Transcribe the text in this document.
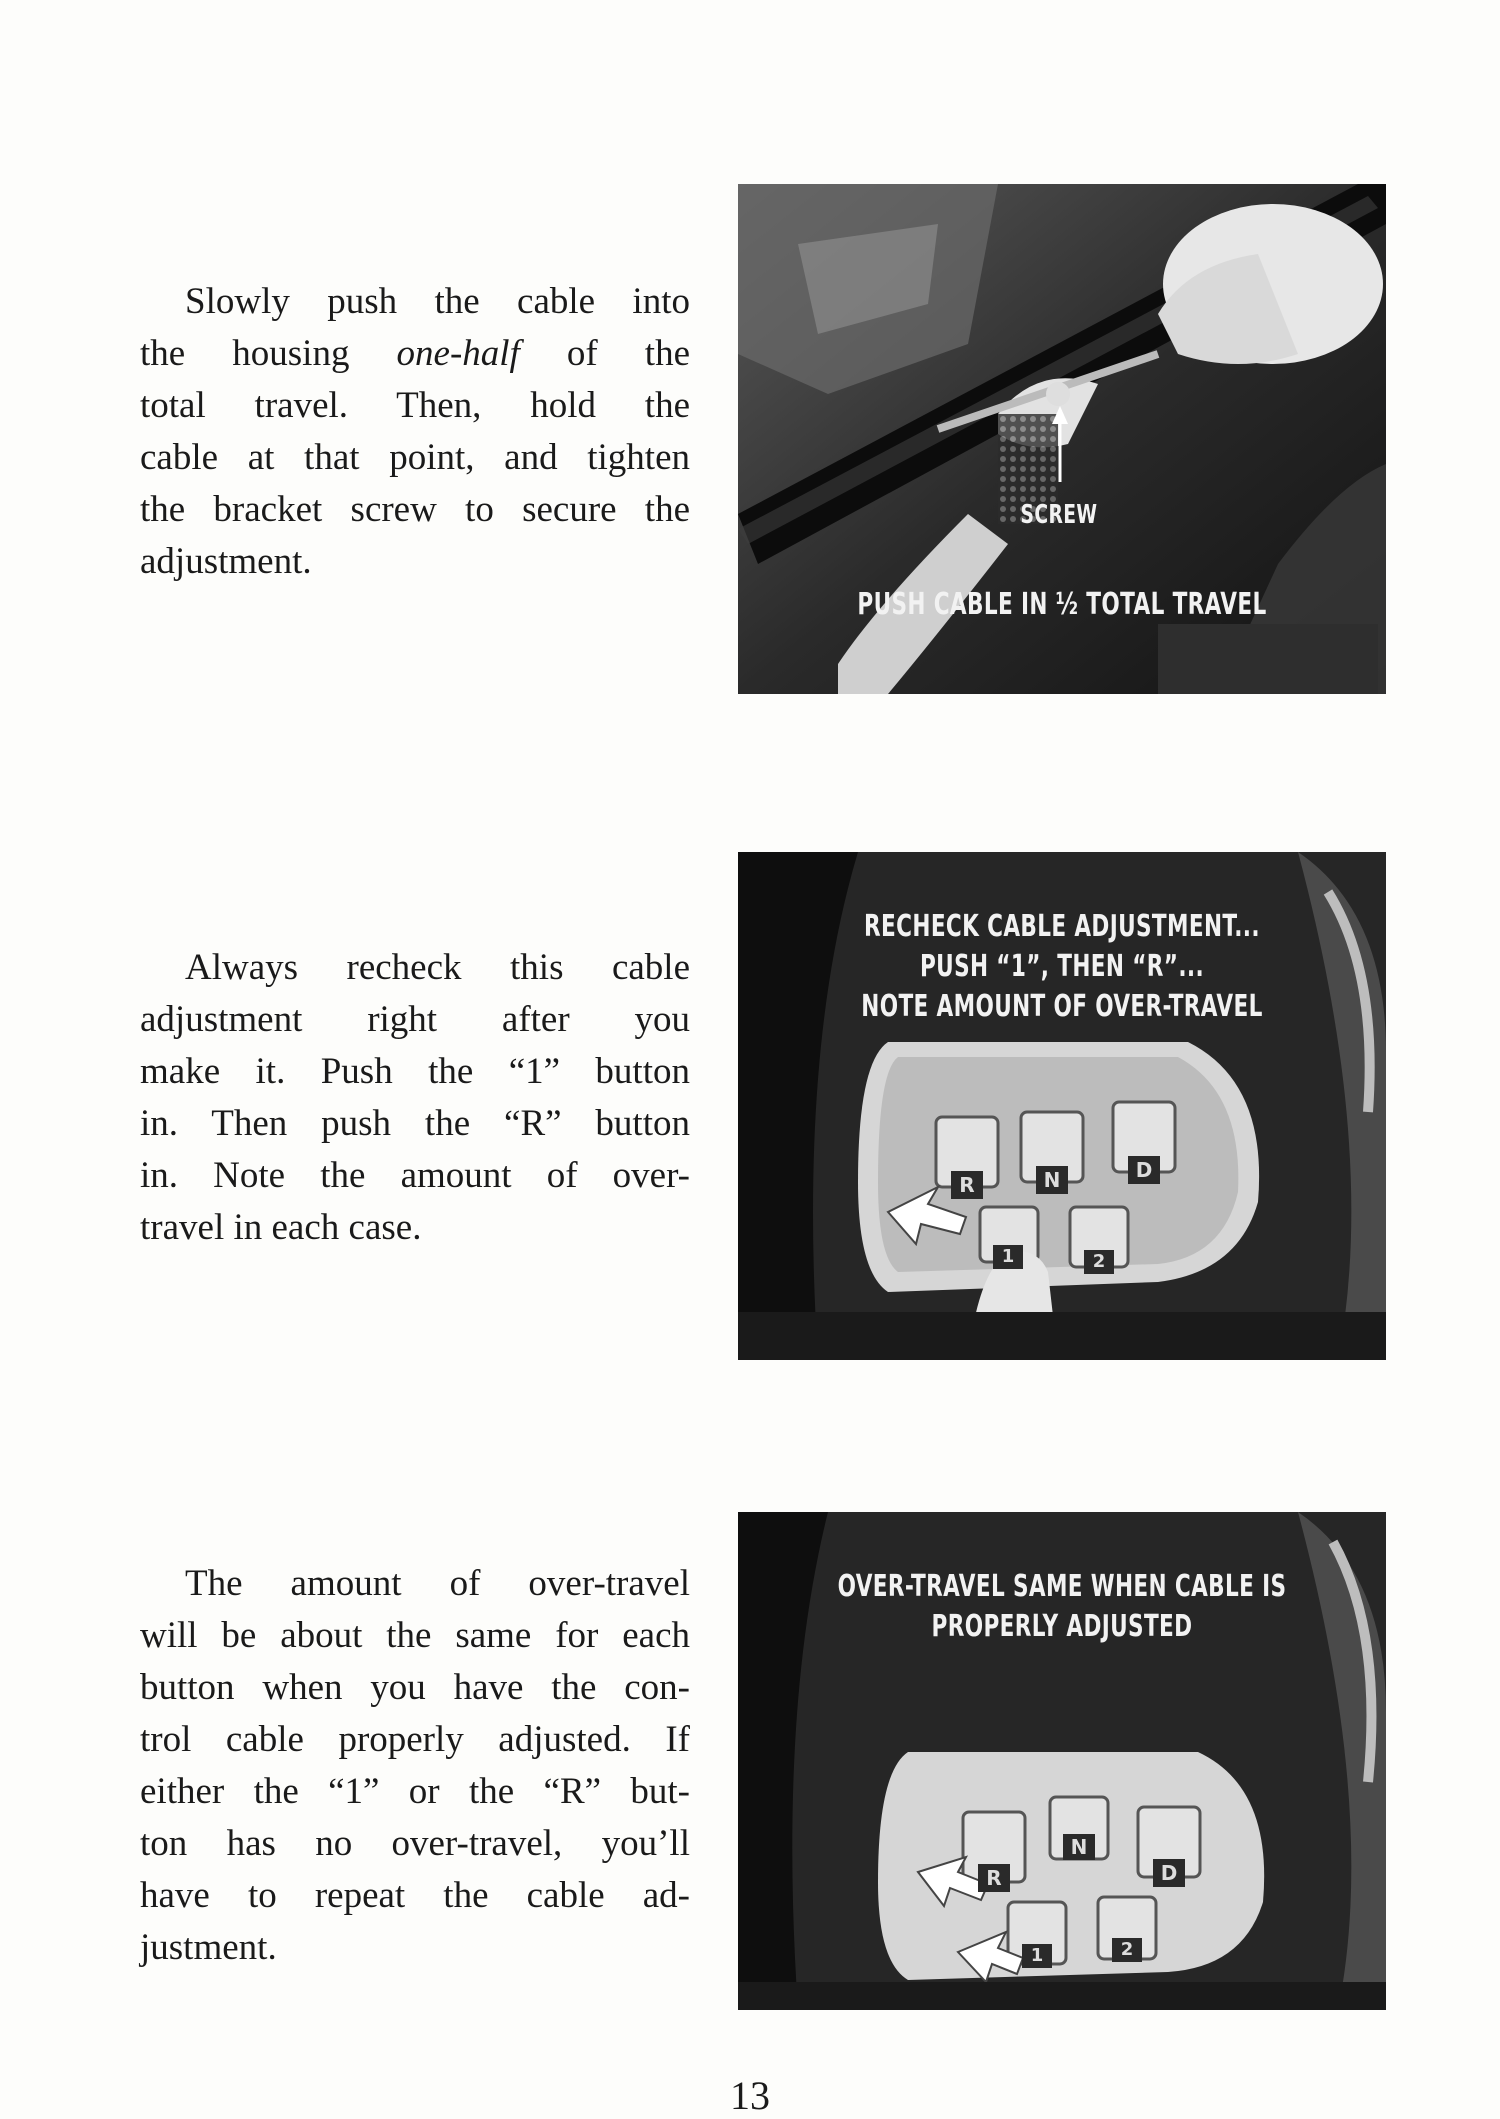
Slowly push the cable into
the housing one-half of the
total travel. Then, hold the
cable at that point, and tighten
the bracket screw to secure the
adjustment.
Always recheck this cable
adjustment right after you
make it. Push the “1” button
in. Then push the “R” button
in. Note the amount of over-
travel in each case.
The amount of over-travel
will be about the same for each
button when you have the con-
trol cable properly adjusted. If
either the “1” or the “R” but-
ton has no over-travel, you’ll
have to repeat the cable ad-
justment.
SCREW
PUSH CABLE IN ½ TOTAL TRAVEL
R	N	D
1	2
RECHECK CABLE ADJUSTMENT...
PUSH “1”, THEN “R”...
NOTE AMOUNT OF OVER-TRAVEL
R
N
D
1	2
OVER-TRAVEL SAME WHEN CABLE IS
PROPERLY ADJUSTED
13
